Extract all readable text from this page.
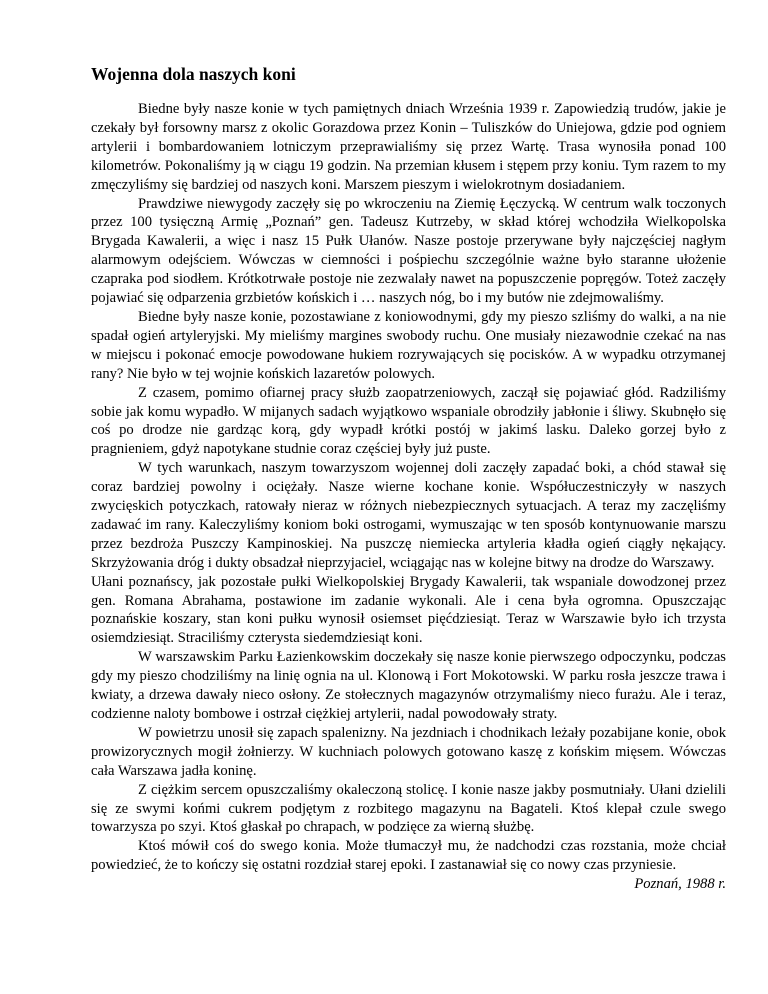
Wojenna dola naszych koni

Biedne były nasze konie w tych pamiętnych dniach Września 1939 r. Zapowiedzią trudów, jakie je czekały był forsowny marsz z okolic Gorazdowa przez Konin – Tuliszków do Uniejowa, gdzie pod ogniem artylerii i bombardowaniem lotniczym przeprawialiśmy się przez Wartę. Trasa wynosiła ponad 100 kilometrów. Pokonaliśmy ją w ciągu 19 godzin. Na przemian kłusem i stępem przy koniu. Tym razem to my zmęczyliśmy się bardziej od naszych koni. Marszem pieszym i wielokrotnym dosiadaniem.

Prawdziwe niewygody zaczęły się po wkroczeniu na Ziemię Łęczycką. W centrum walk toczonych przez 100 tysięczną Armię „Poznań” gen. Tadeusz Kutrzeby, w skład której wchodziła Wielkopolska Brygada Kawalerii, a więc i nasz 15 Pułk Ułanów. Nasze postoje przerywane były najczęściej nagłym alarmowym odejściem. Wówczas w ciemności i pośpiechu szczególnie ważne było staranne ułożenie czapraka pod siodłem. Krótkotrwałe postoje nie zezwalały nawet na popuszczenie popręgów. Toteż zaczęły pojawiać się odparzenia grzbietów końskich i … naszych nóg, bo i my butów nie zdejmowaliśmy.

Biedne były nasze konie, pozostawiane z koniowodnymi, gdy my pieszo szliśmy do walki, a na nie spadał ogień artyleryjski. My mieliśmy margines swobody ruchu. One musiały niezawodnie czekać na nas w miejscu i pokonać emocje powodowane hukiem rozrywających się pocisków. A w wypadku otrzymanej rany? Nie było w tej wojnie końskich lazaretów polowych.

Z czasem, pomimo ofiarnej pracy służb zaopatrzeniowych, zaczął się pojawiać głód. Radziliśmy sobie jak komu wypadło. W mijanych sadach wyjątkowo wspaniale obrodziły jabłonie i śliwy. Skubnęło się coś po drodze nie gardząc korą, gdy wypadł krótki postój w jakimś lasku. Daleko gorzej było z pragnieniem, gdyż napotykane studnie coraz częściej były już puste.

W tych warunkach, naszym towarzyszom wojennej doli zaczęły zapadać boki, a chód stawał się coraz bardziej powolny i ociężały. Nasze wierne kochane konie. Współuczestniczyły w naszych zwycięskich potyczkach, ratowały nieraz w różnych niebezpiecznych sytuacjach. A teraz my zaczęliśmy zadawać im rany. Kaleczyliśmy koniom boki ostrogami, wymuszając w ten sposób kontynuowanie marszu przez bezdroża Puszczy Kampinoskiej. Na puszczę niemiecka artyleria kładła ogień ciągły nękający. Skrzyżowania dróg i dukty obsadzał nieprzyjaciel, wciągając nas w kolejne bitwy na drodze do Warszawy.

Ułani poznańscy, jak pozostałe pułki Wielkopolskiej Brygady Kawalerii, tak wspaniale dowodzonej przez gen. Romana Abrahama, postawione im zadanie wykonali. Ale i cena była ogromna. Opuszczając poznańskie koszary, stan koni pułku wynosił osiemset pięćdziesiąt. Teraz w Warszawie było ich trzysta osiemdziesiąt. Straciliśmy czterysta siedemdziesiąt koni.

W warszawskim Parku Łazienkowskim doczekały się nasze konie pierwszego odpoczynku, podczas gdy my pieszo chodziliśmy na linię ognia na ul. Klonową i Fort Mokotowski. W parku rosła jeszcze trawa i kwiaty, a drzewa dawały nieco osłony. Ze stołecznych magazynów otrzymaliśmy nieco furażu. Ale i teraz, codzienne naloty bombowe i ostrzał ciężkiej artylerii, nadal powodowały straty.

W powietrzu unosił się zapach spalenizny. Na jezdniach i chodnikach leżały pozabijane konie, obok prowizorycznych mogił żołnierzy. W kuchniach polowych gotowano kaszę z końskim mięsem. Wówczas cała Warszawa jadła koninę.

Z ciężkim sercem opuszczaliśmy okaleczoną stolicę. I konie nasze jakby posmutniały. Ułani dzielili się ze swymi końmi cukrem podjętym z rozbitego magazynu na Bagateli. Ktoś klepał czule swego towarzysza po szyi. Ktoś głaskał po chrapach, w podzięce za wierną służbę.

Ktoś mówił coś do swego konia. Może tłumaczył mu, że nadchodzi czas rozstania, może chciał powiedzieć, że to kończy się ostatni rozdział starej epoki. I zastanawiał się co nowy czas przyniesie.

Poznań, 1988 r.
